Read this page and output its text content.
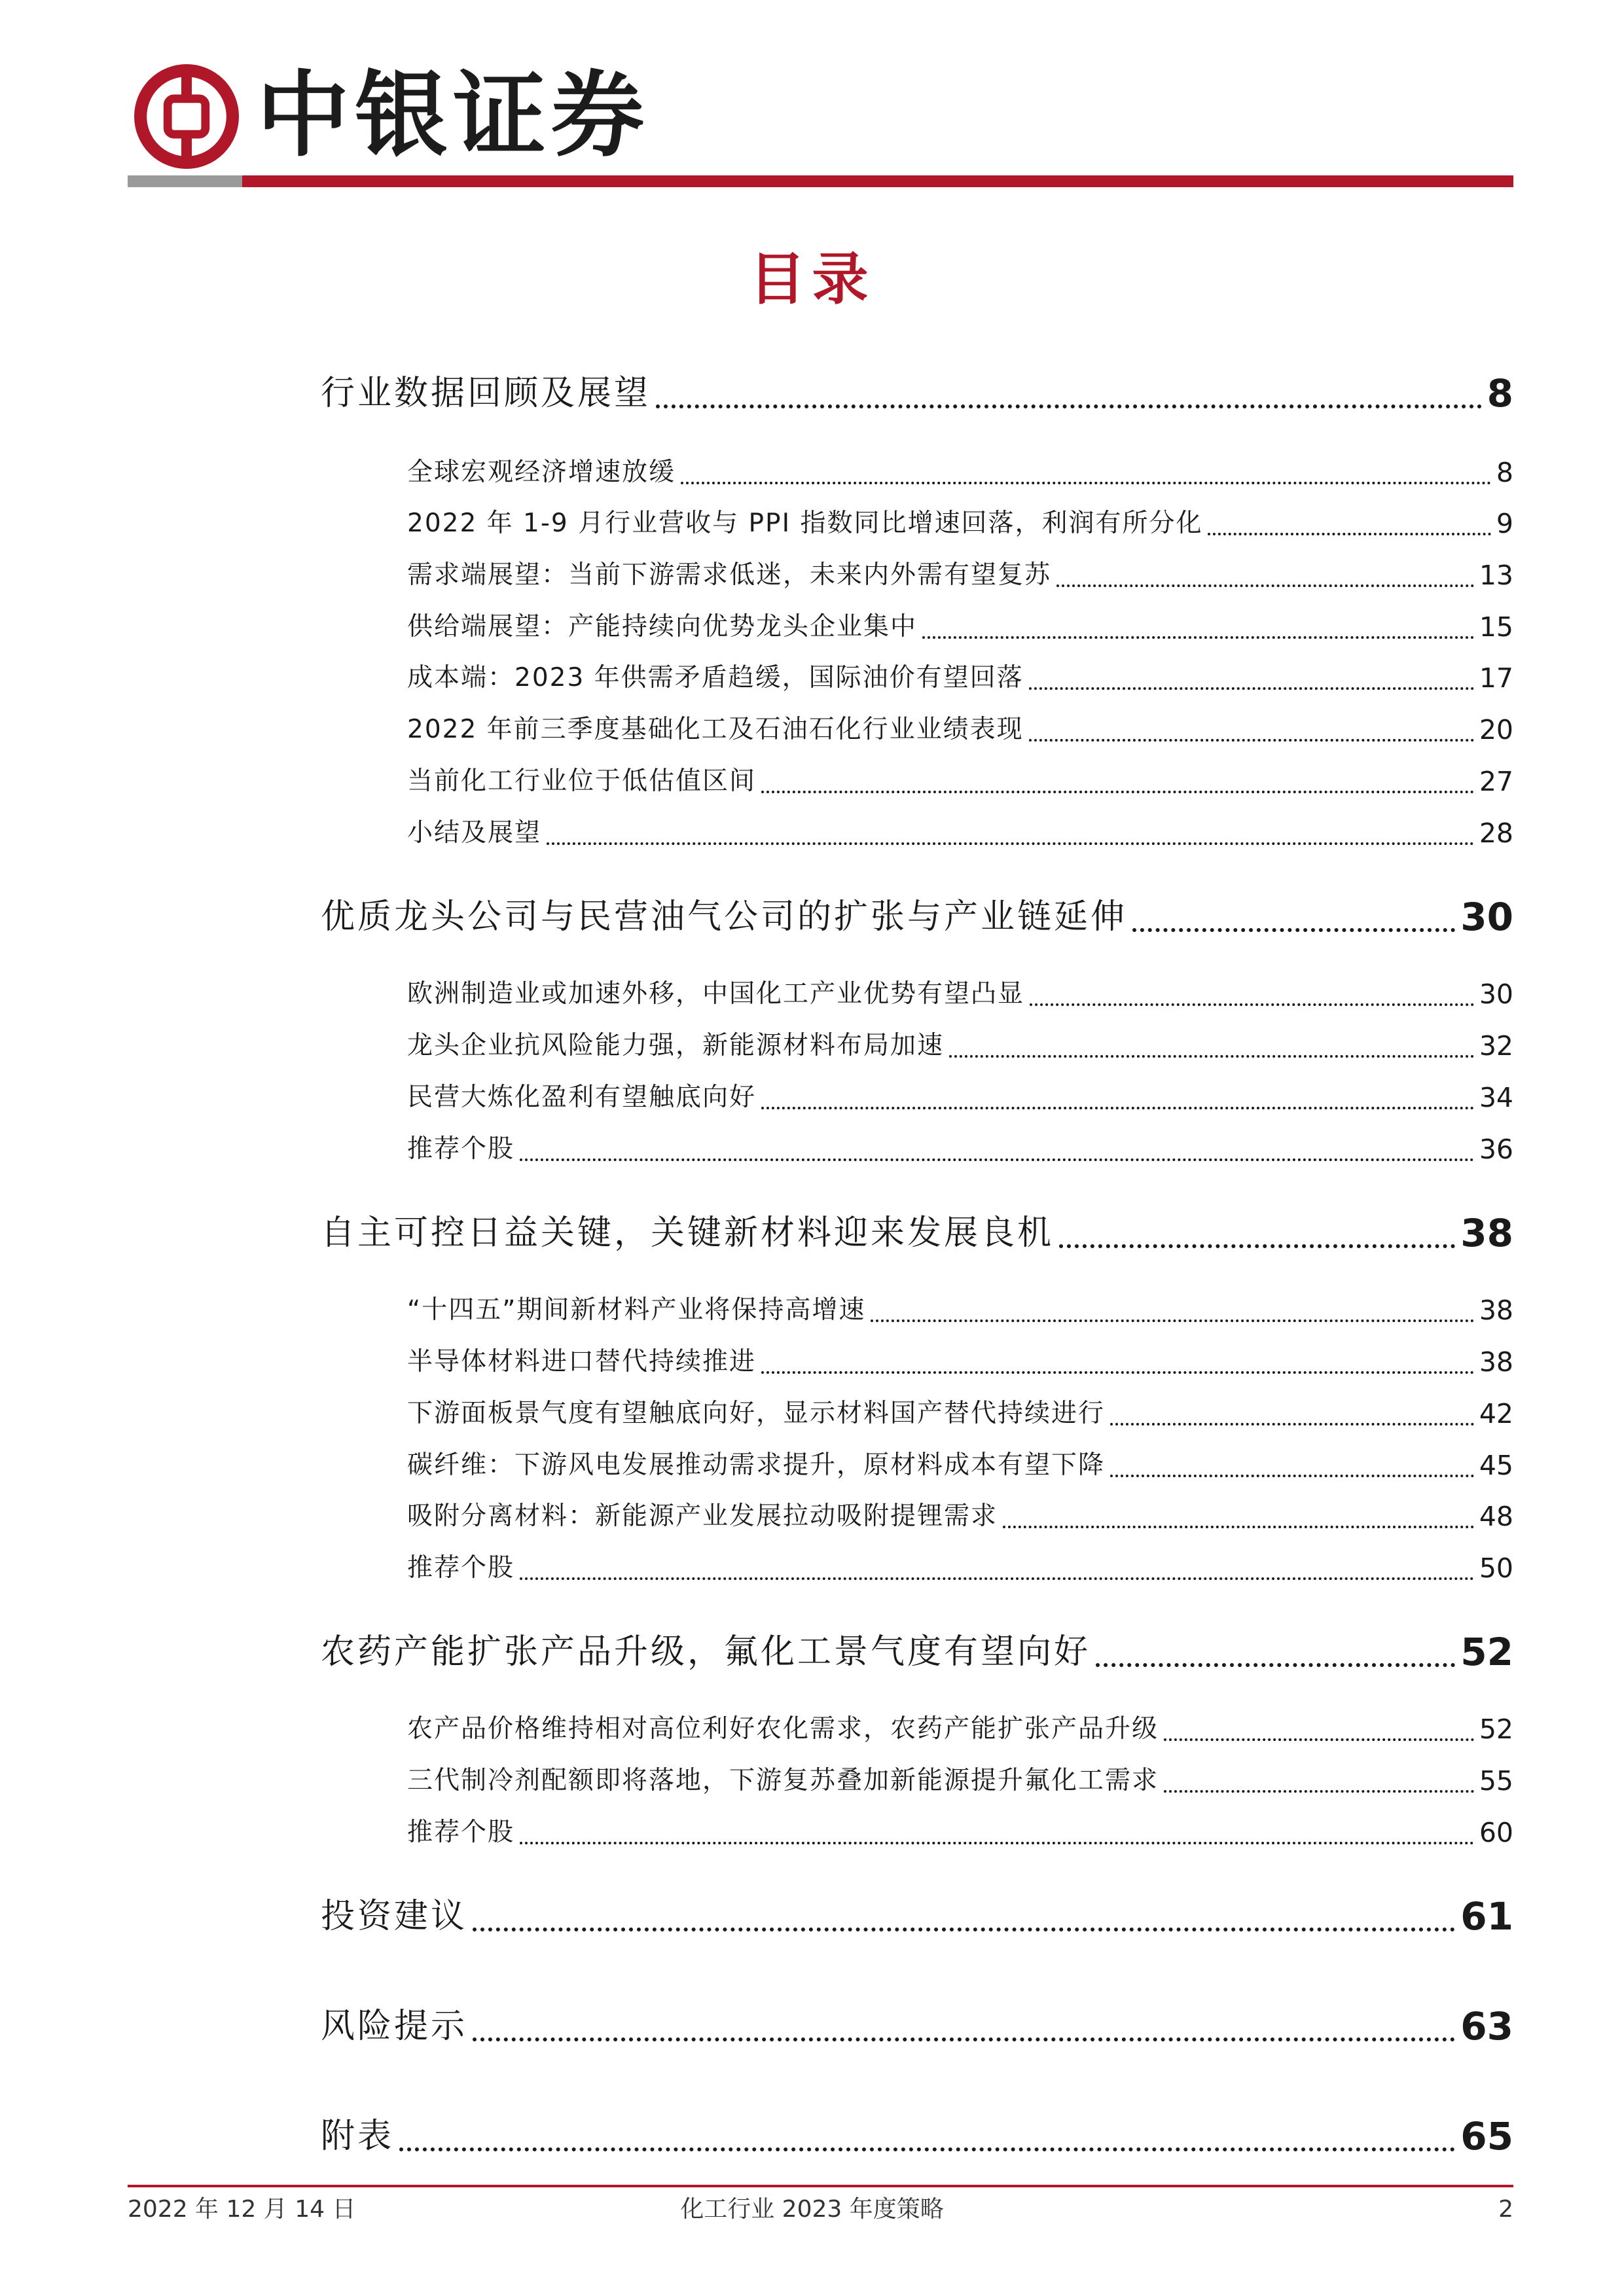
中银证券
目录
行业数据回顾及展望	8
全球宏观经济增速放缓	8
2022 年 1-9 月行业营收与 PPI 指数同比增速回落，利润有所分化	9
需求端展望：当前下游需求低迷，未来内外需有望复苏	13
供给端展望：产能持续向优势龙头企业集中	15
成本端：2023 年供需矛盾趋缓，国际油价有望回落	17
2022 年前三季度基础化工及石油石化行业业绩表现	20
当前化工行业位于低估值区间	27
小结及展望	28
优质龙头公司与民营油气公司的扩张与产业链延伸	30
欧洲制造业或加速外移，中国化工产业优势有望凸显	30
龙头企业抗风险能力强，新能源材料布局加速	32
民营大炼化盈利有望触底向好	34
推荐个股	36
自主可控日益关键，关键新材料迎来发展良机	38
“十四五”期间新材料产业将保持高增速	38
半导体材料进口替代持续推进	38
下游面板景气度有望触底向好，显示材料国产替代持续进行	42
碳纤维：下游风电发展推动需求提升，原材料成本有望下降	45
吸附分离材料：新能源产业发展拉动吸附提锂需求	48
推荐个股	50
农药产能扩张产品升级，氟化工景气度有望向好	52
农产品价格维持相对高位利好农化需求，农药产能扩张产品升级	52
三代制冷剂配额即将落地，下游复苏叠加新能源提升氟化工需求	55
推荐个股	60
投资建议	61
风险提示	63
附表	65
2022 年 12 月 14 日	化工行业 2023 年度策略	2
